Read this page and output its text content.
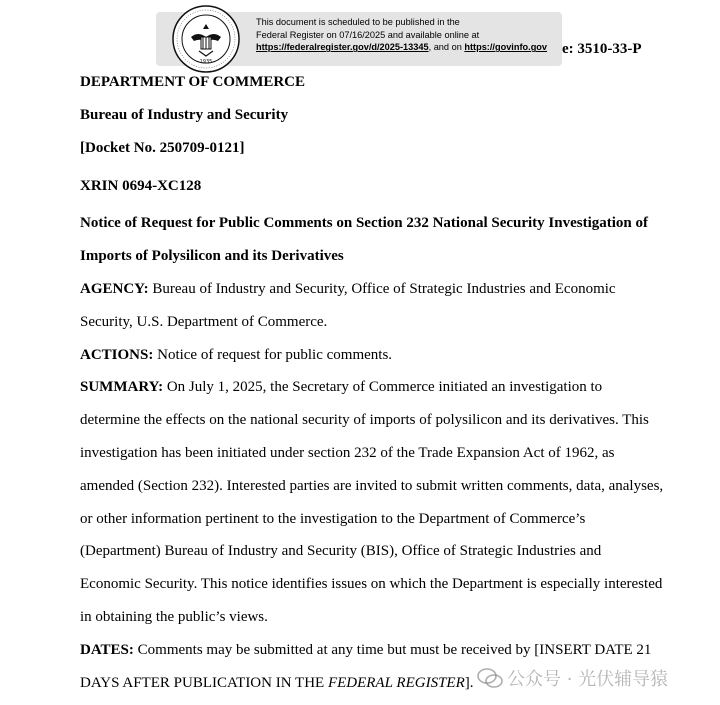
1935
This document is scheduled to be published in the
Federal Register on 07/16/2025 and available online at
https://federalregister.gov/d/2025-13345, and on https://govinfo.gov e: 3510-33-P
DEPARTMENT OF COMMERCE
Bureau of Industry and Security
[Docket No. 250709-0121]
XRIN 0694-XC128
Notice of Request for Public Comments on Section 232 National Security Investigation of
Imports of Polysilicon and its Derivatives
AGENCY: Bureau of Industry and Security, Office of Strategic Industries and Economic
Security, U.S. Department of Commerce.
ACTIONS: Notice of request for public comments.
SUMMARY: On July 1, 2025, the Secretary of Commerce initiated an investigation to
determine the effects on the national security of imports of polysilicon and its derivatives. This
investigation has been initiated under section 232 of the Trade Expansion Act of 1962, as
amended (Section 232). Interested parties are invited to submit written comments, data, analyses,
or other information pertinent to the investigation to the Department of Commerce’s
(Department) Bureau of Industry and Security (BIS), Office of Strategic Industries and
Economic Security. This notice identifies issues on which the Department is especially interested
in obtaining the public’s views.
DATES: Comments may be submitted at any time but must be received by [INSERT DATE 21
DAYS AFTER PUBLICATION IN THE FEDERAL REGISTER]. 公众号 · 光伏辅导猿
